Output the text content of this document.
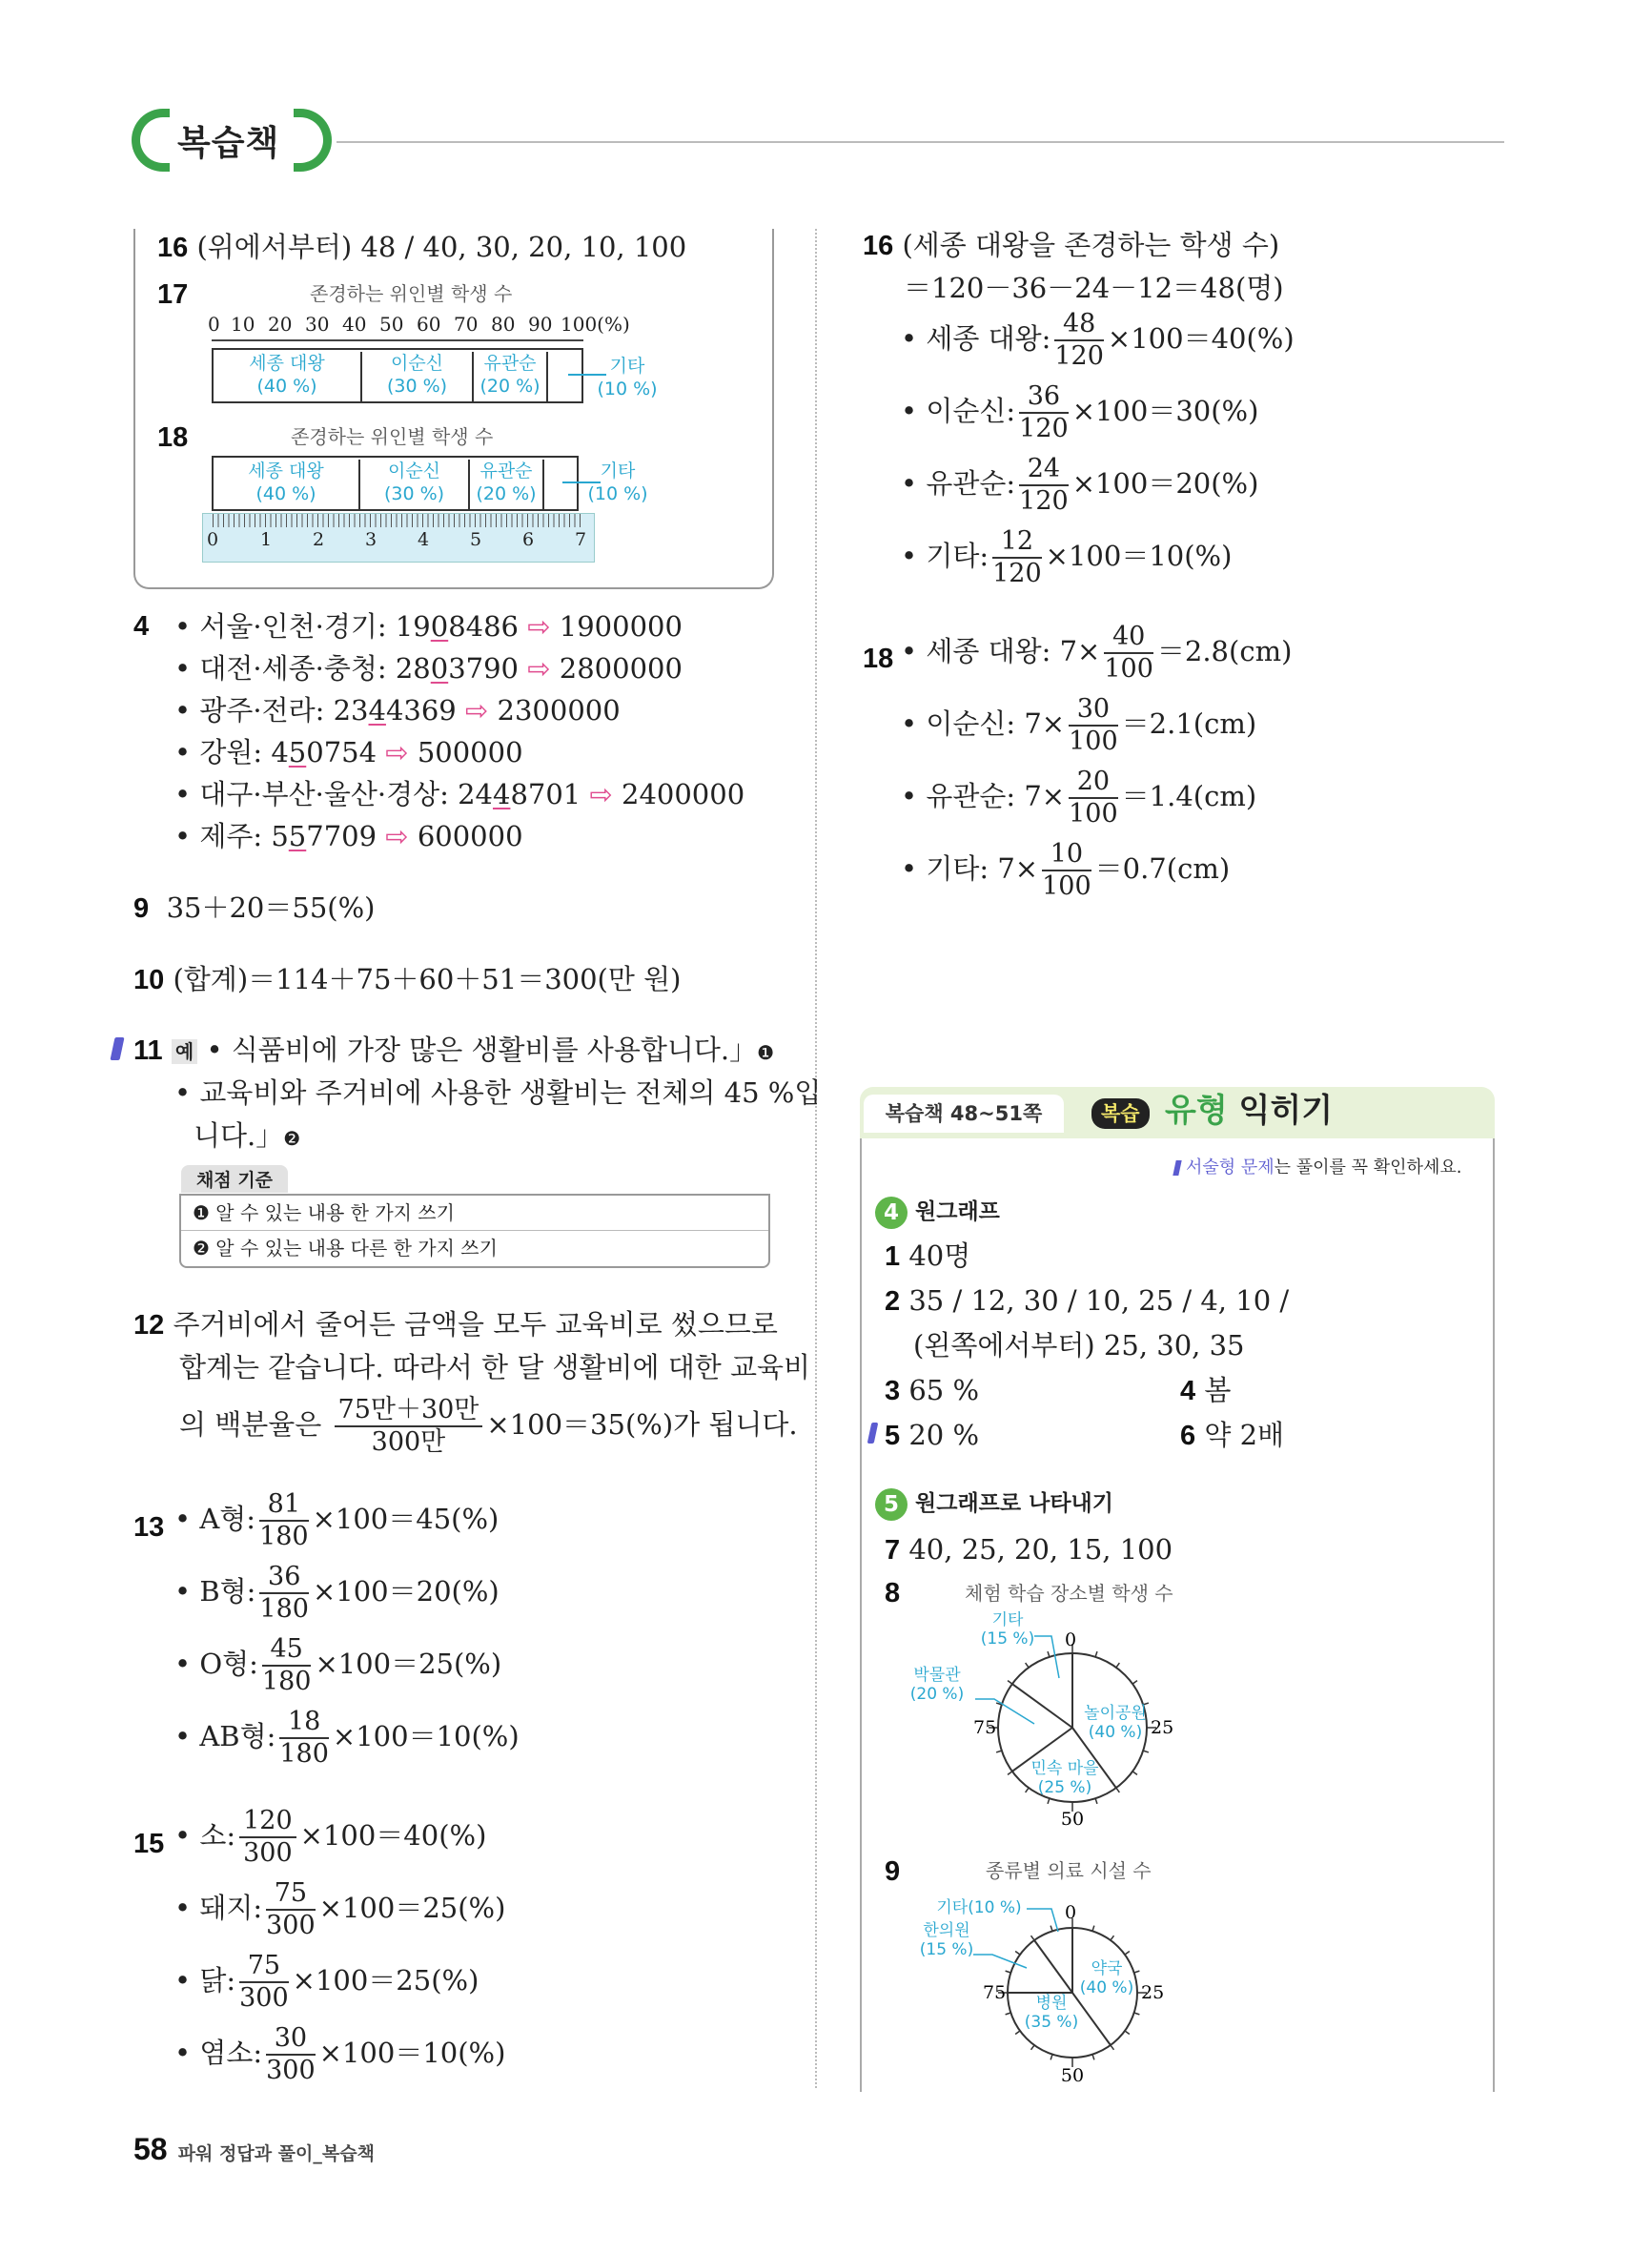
복습책
16 (위에서부터) 48 / 40, 30, 20, 10, 100
17	존경하는 위인별 학생 수
0 10 20 30 40 50 60 70 80 90 100(%)
세종 대왕
(40 %)
이순신
(30 %)
유관순
(20 %)
기타
(10 %)
18	존경하는 위인별 학생 수
세종 대왕
(40 %)
이순신
(30 %)
유관순
(20 %)
기타
(10 %)
0 1 2 3 4 5 6 7
4 • 서울·인천·경기: 1908486 ⇨ 1900000
• 대전·세종·충청: 2803790 ⇨ 2800000
• 광주·전라: 2344369 ⇨ 2300000
• 강원: 450754 ⇨ 500000
• 대구·부산·울산·경상: 2448701 ⇨ 2400000
• 제주: 557709 ⇨ 600000
9 35＋20＝55(%)
10 (합계)＝114＋75＋60＋51＝300(만 원)
11 예 • 식품비에 가장 많은 생활비를 사용합니다.」❶
• 교육비와 주거비에 사용한 생활비는 전체의 45 %입
니다.」❷
채점 기준
❶ 알 수 있는 내용 한 가지 쓰기
❷ 알 수 있는 내용 다른 한 가지 쓰기
12 주거비에서 줄어든 금액을 모두 교육비로 썼으므로
합계는 같습니다. 따라서 한 달 생활비에 대한 교육비
의 백분율은 $\frac{\text{75만＋30만}}{\text{300만}} \times 100=35(\%)$가 됩니다.
13 • A형: $\frac{81}{180} \times 100=45(\%)$
• B형: $\frac{36}{180} \times 100=20(\%)$
• O형: $\frac{45}{180} \times 100=25(\%)$
• AB형: $\frac{18}{180} \times 100=10(\%)$
15 • 소: $\frac{120}{300} \times 100=40(\%)$
• 돼지: $\frac{75}{300} \times 100=25(\%)$
• 닭: $\frac{75}{300} \times 100=25(\%)$
• 염소: $\frac{30}{300} \times 100=10(\%)$
16 (세종 대왕을 존경하는 학생 수)
＝120－36－24－12＝48(명)
• 세종 대왕: $\frac{48}{120} \times 100=40(\%)$
• 이순신: $\frac{36}{120} \times 100=30(\%)$
• 유관순: $\frac{24}{120} \times 100=20(\%)$
• 기타: $\frac{12}{120} \times 100=10(\%)$
18 • 세종 대왕: $7\times \frac{40}{100} =2.8(cm)$
• 이순신: $7\times \frac{30}{100} =2.1(cm)$
• 유관순: $7\times \frac{20}{100} =1.4(cm)$
• 기타: $7\times \frac{10}{100} =0.7(cm)$
복습책 48~51쪽	복습 유형 익히기
서술형 문제는 풀이를 꼭 확인하세요.
4 원그래프
1 40명
2 35 / 12, 30 / 10, 25 / 4, 10 /
(왼쪽에서부터) 25, 30, 35
3 65 %	4 봄
5 20 %	6 약 2배
5 원그래프로 나타내기
7 40, 25, 20, 15, 100
8	체험 학습 장소별 학생 수
0
25
50
75
놀이공원
(40 %)
민속 마을
(25 %)
박물관
(20 %)
기타
(15 %)
9	종류별 의료 시설 수
0
25
50
75
약국
(40 %)
병원
(35 %)
한의원
(15 %)
기타(10 %)
58 파워 정답과 풀이_복습책
